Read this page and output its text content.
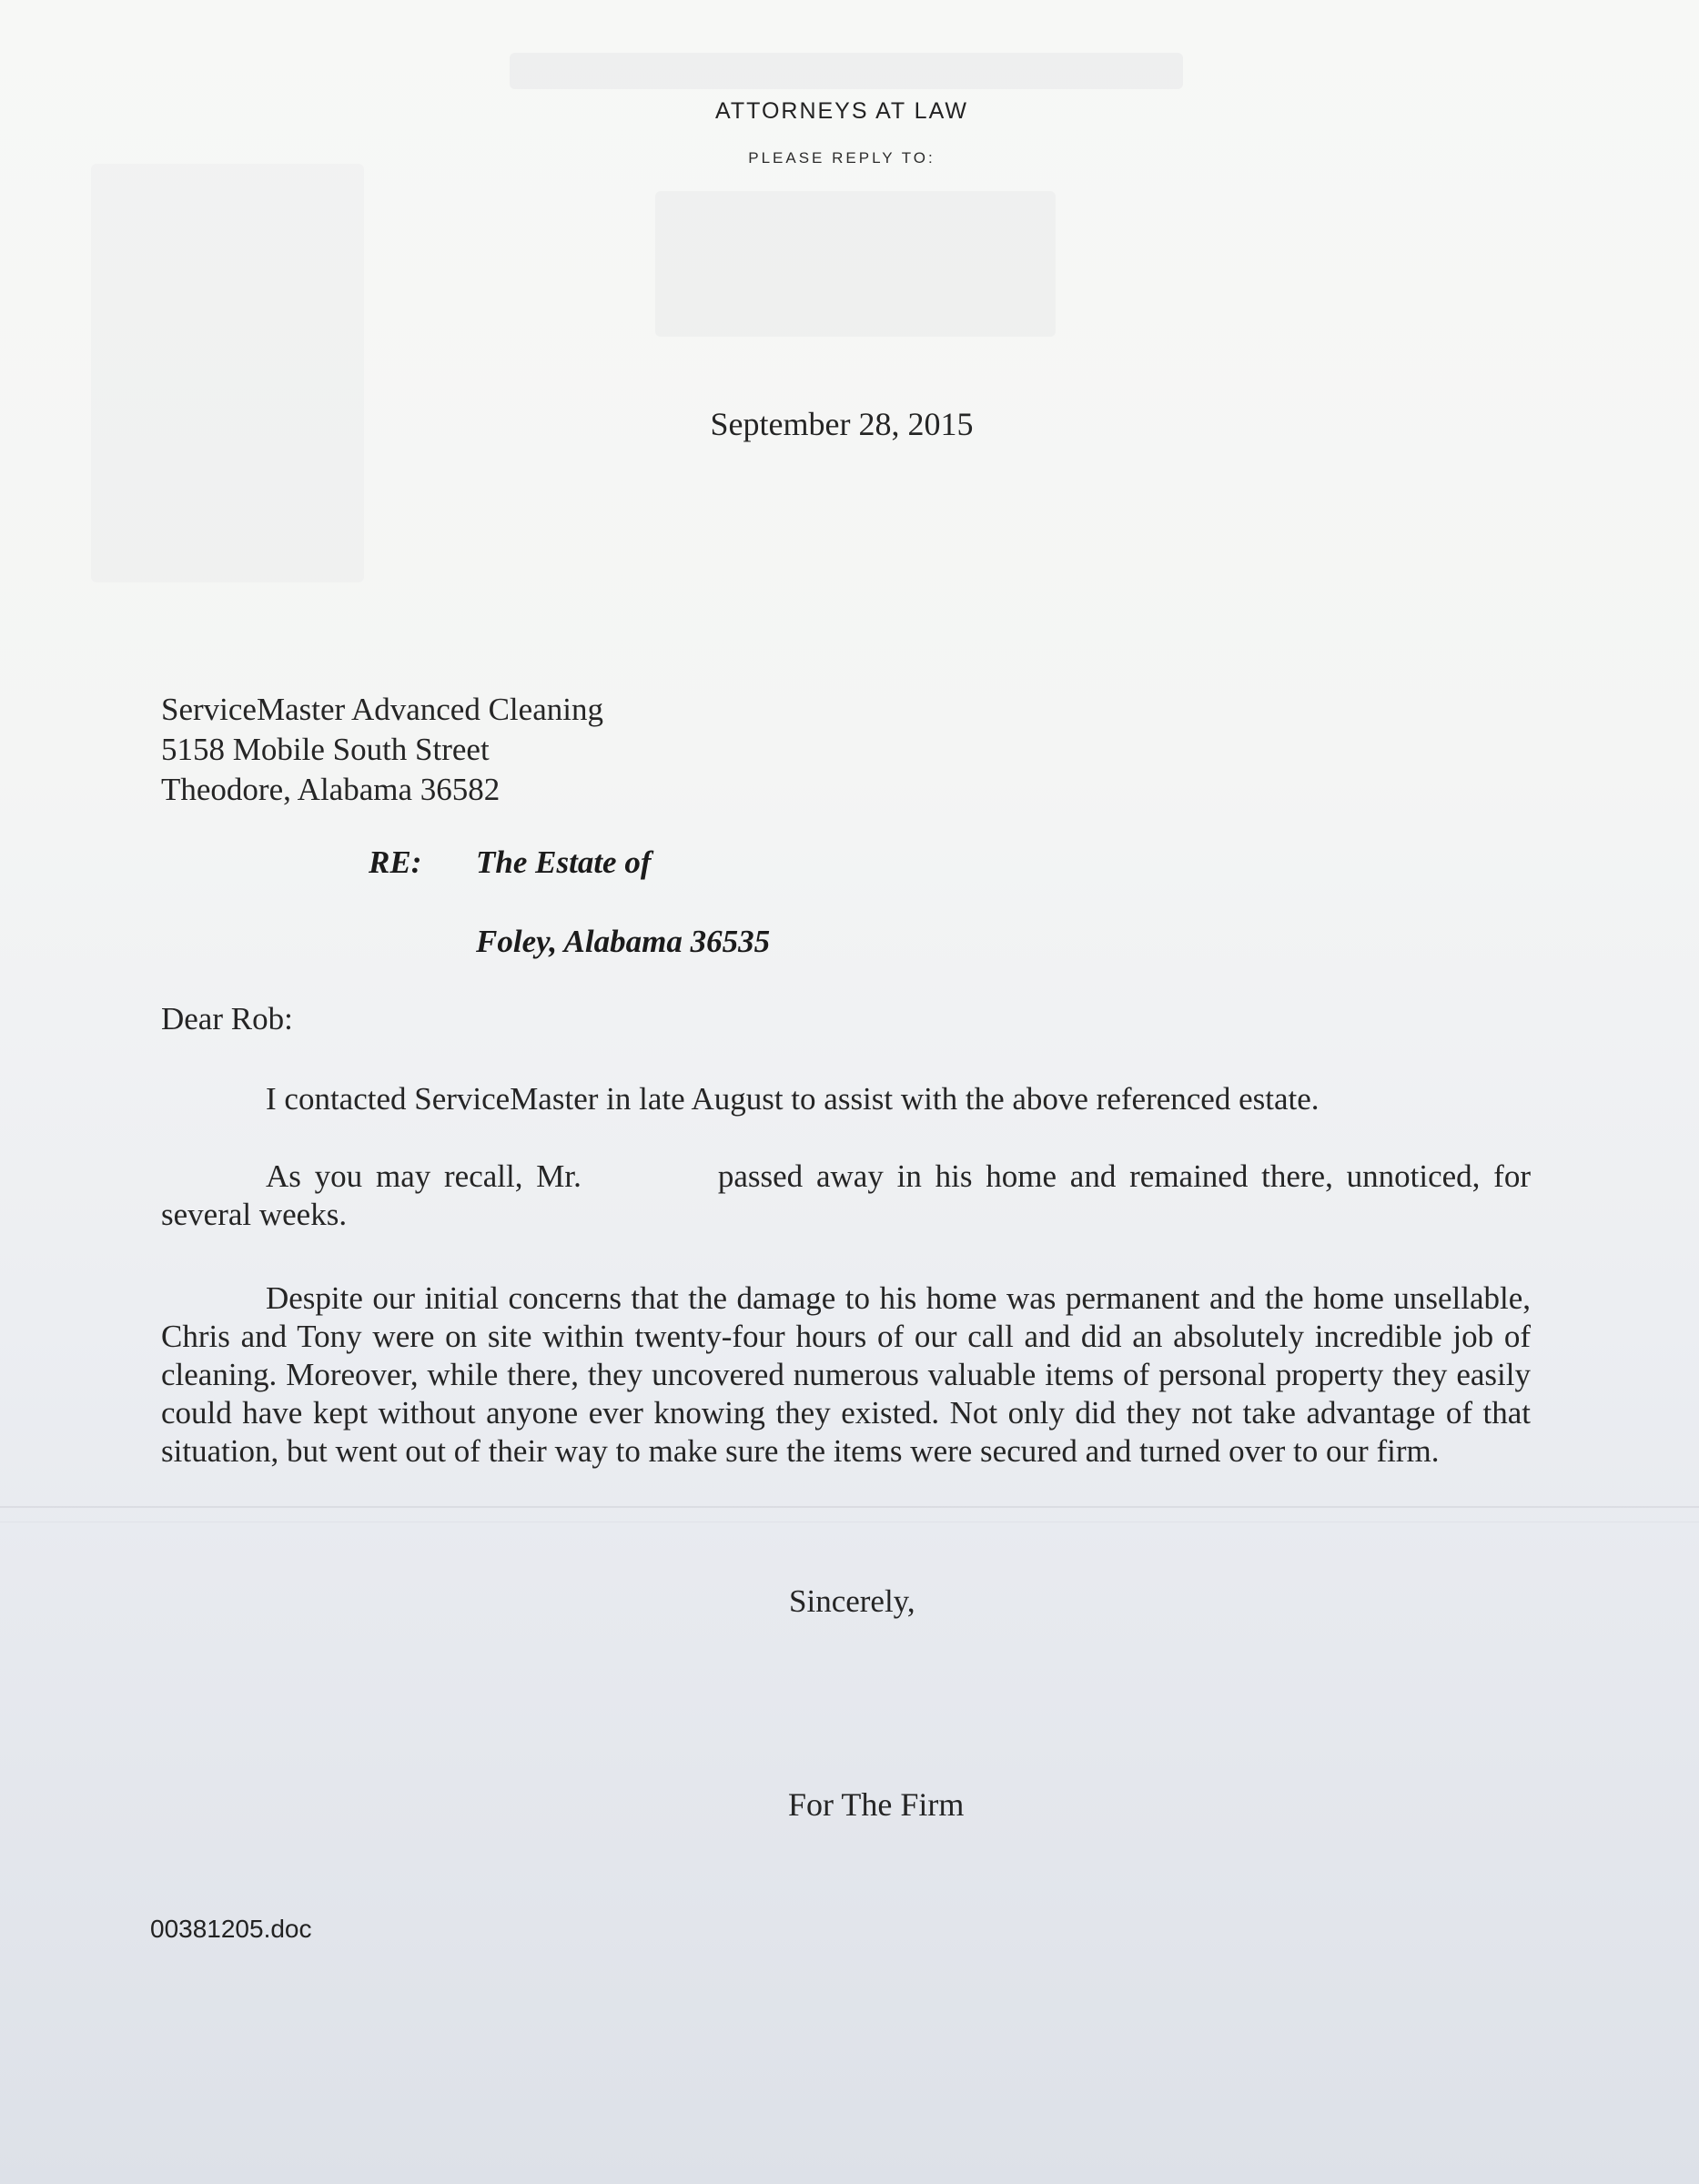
ATTORNEYS AT LAW
PLEASE REPLY TO:
September 28, 2015
ServiceMaster Advanced Cleaning
5158 Mobile South Street
Theodore, Alabama 36582
RE: The Estate of
Foley, Alabama 36535
Dear Rob:
I contacted ServiceMaster in late August to assist with the above referenced estate.
As you may recall, Mr.	passed away in his home and remained there, unnoticed, for several weeks.
Despite our initial concerns that the damage to his home was permanent and the home unsellable, Chris and Tony were on site within twenty-four hours of our call and did an absolutely incredible job of cleaning. Moreover, while there, they uncovered numerous valuable items of personal property they easily could have kept without anyone ever knowing they existed. Not only did they not take advantage of that situation, but went out of their way to make sure the items were secured and turned over to our firm.
Sincerely,
For The Firm
00381205.doc
